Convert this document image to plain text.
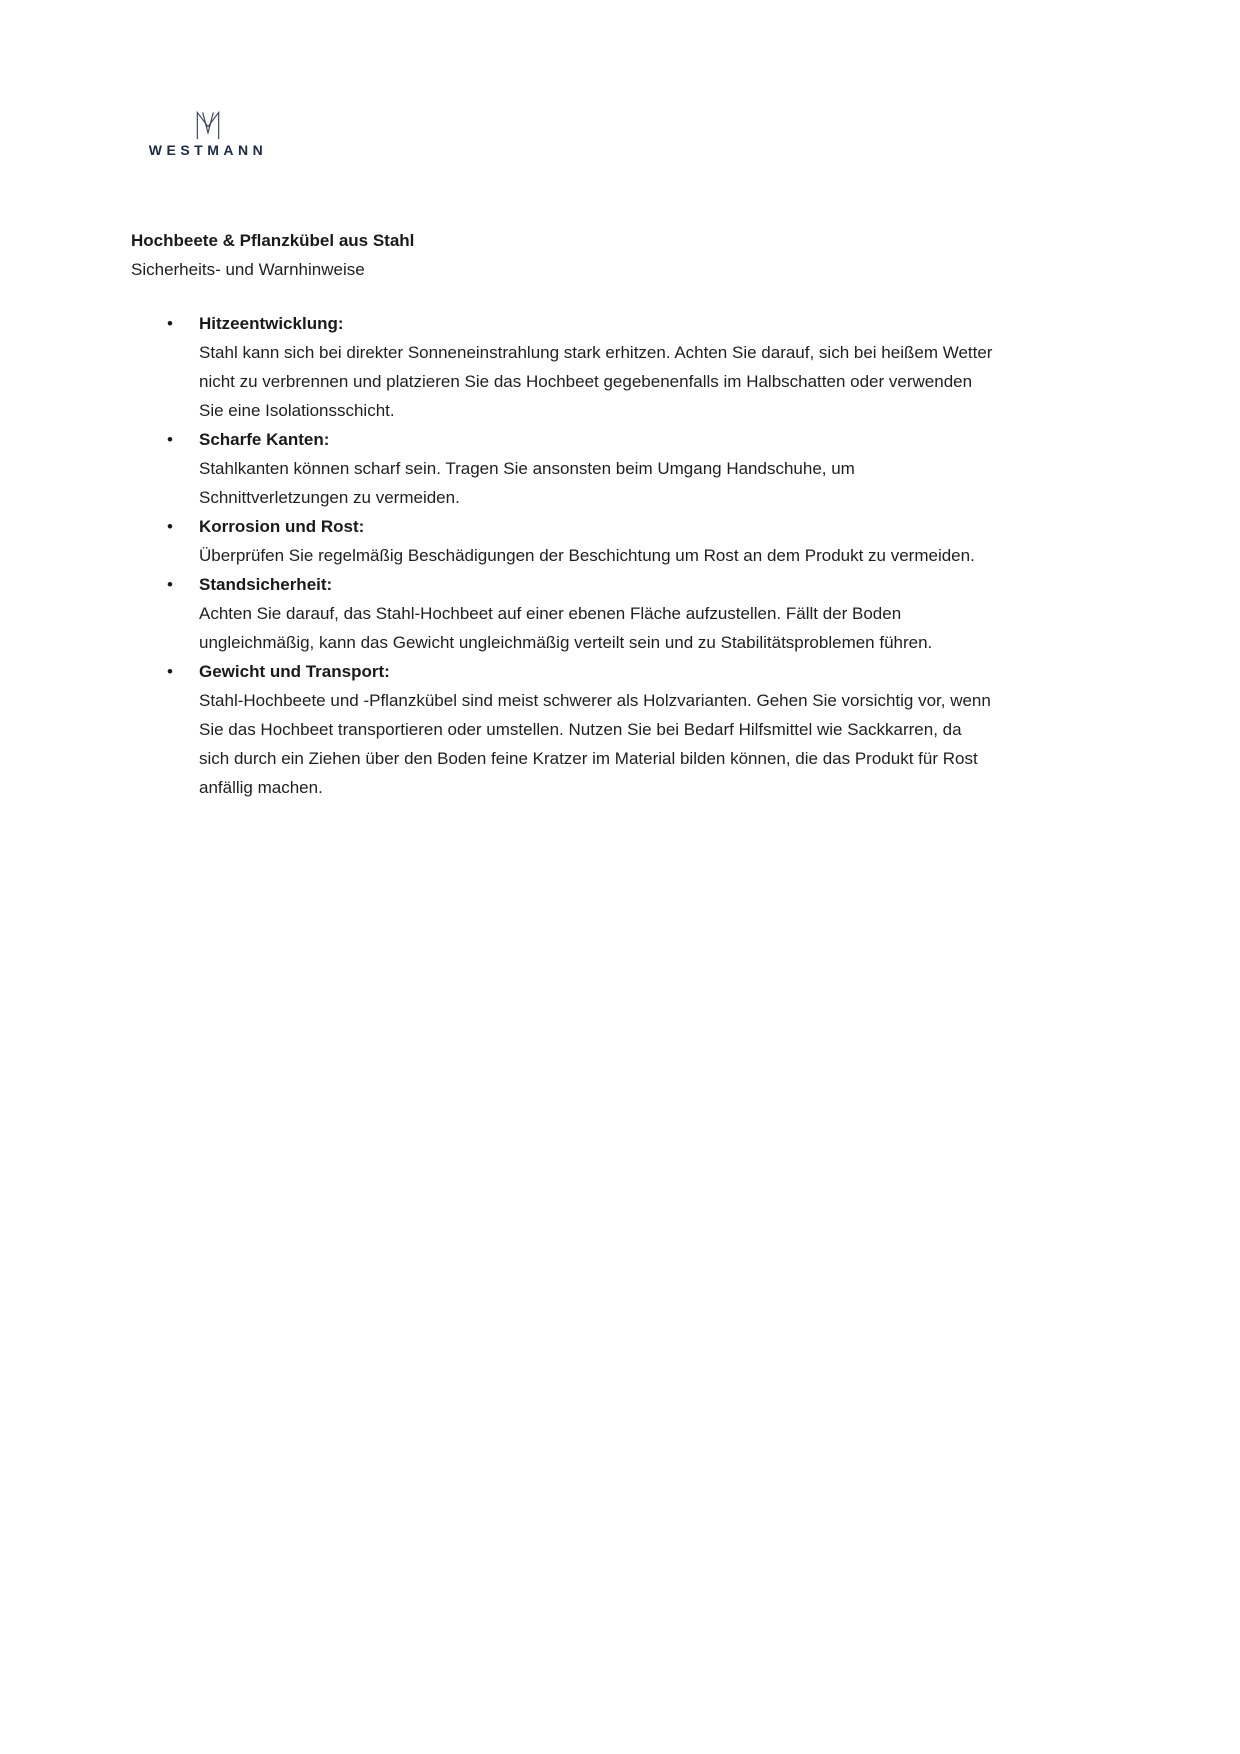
WESTMANN
Hochbeete & Pflanzkübel aus Stahl
Sicherheits- und Warnhinweise
• Hitzeentwicklung:
Stahl kann sich bei direkter Sonneneinstrahlung stark erhitzen. Achten Sie darauf, sich bei heißem Wetter nicht zu verbrennen und platzieren Sie das Hochbeet gegebenenfalls im Halbschatten oder verwenden Sie eine Isolationsschicht.
• Scharfe Kanten:
Stahlkanten können scharf sein. Tragen Sie ansonsten beim Umgang Handschuhe, um Schnittverletzungen zu vermeiden.
• Korrosion und Rost:
Überprüfen Sie regelmäßig Beschädigungen der Beschichtung um Rost an dem Produkt zu vermeiden.
• Standsicherheit:
Achten Sie darauf, das Stahl-Hochbeet auf einer ebenen Fläche aufzustellen. Fällt der Boden ungleichmäßig, kann das Gewicht ungleichmäßig verteilt sein und zu Stabilitätsproblemen führen.
• Gewicht und Transport:
Stahl-Hochbeete und -Pflanzkübel sind meist schwerer als Holzvarianten. Gehen Sie vorsichtig vor, wenn Sie das Hochbeet transportieren oder umstellen. Nutzen Sie bei Bedarf Hilfsmittel wie Sackkarren, da sich durch ein Ziehen über den Boden feine Kratzer im Material bilden können, die das Produkt für Rost anfällig machen.
